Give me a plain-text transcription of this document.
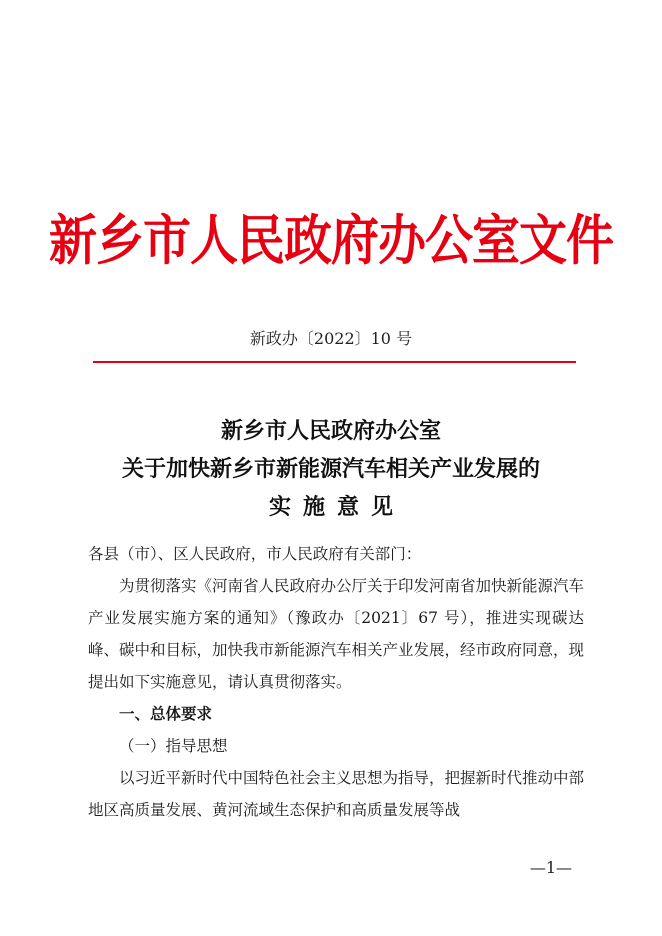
新乡市人民政府办公室文件
新政办〔2022〕10 号
新乡市人民政府办公室
关于加快新乡市新能源汽车相关产业发展的
实施意见

各县（市）、区人民政府，市人民政府有关部门：

为贯彻落实《河南省人民政府办公厅关于印发河南省加快新能源汽车产业发展实施方案的通知》（豫政办〔2021〕67 号），推进实现碳达峰、碳中和目标，加快我市新能源汽车相关产业发展，经市政府同意，现提出如下实施意见，请认真贯彻落实。

一、总体要求

（一）指导思想

以习近平新时代中国特色社会主义思想为指导，把握新时代推动中部地区高质量发展、黄河流域生态保护和高质量发展等战

—1—
